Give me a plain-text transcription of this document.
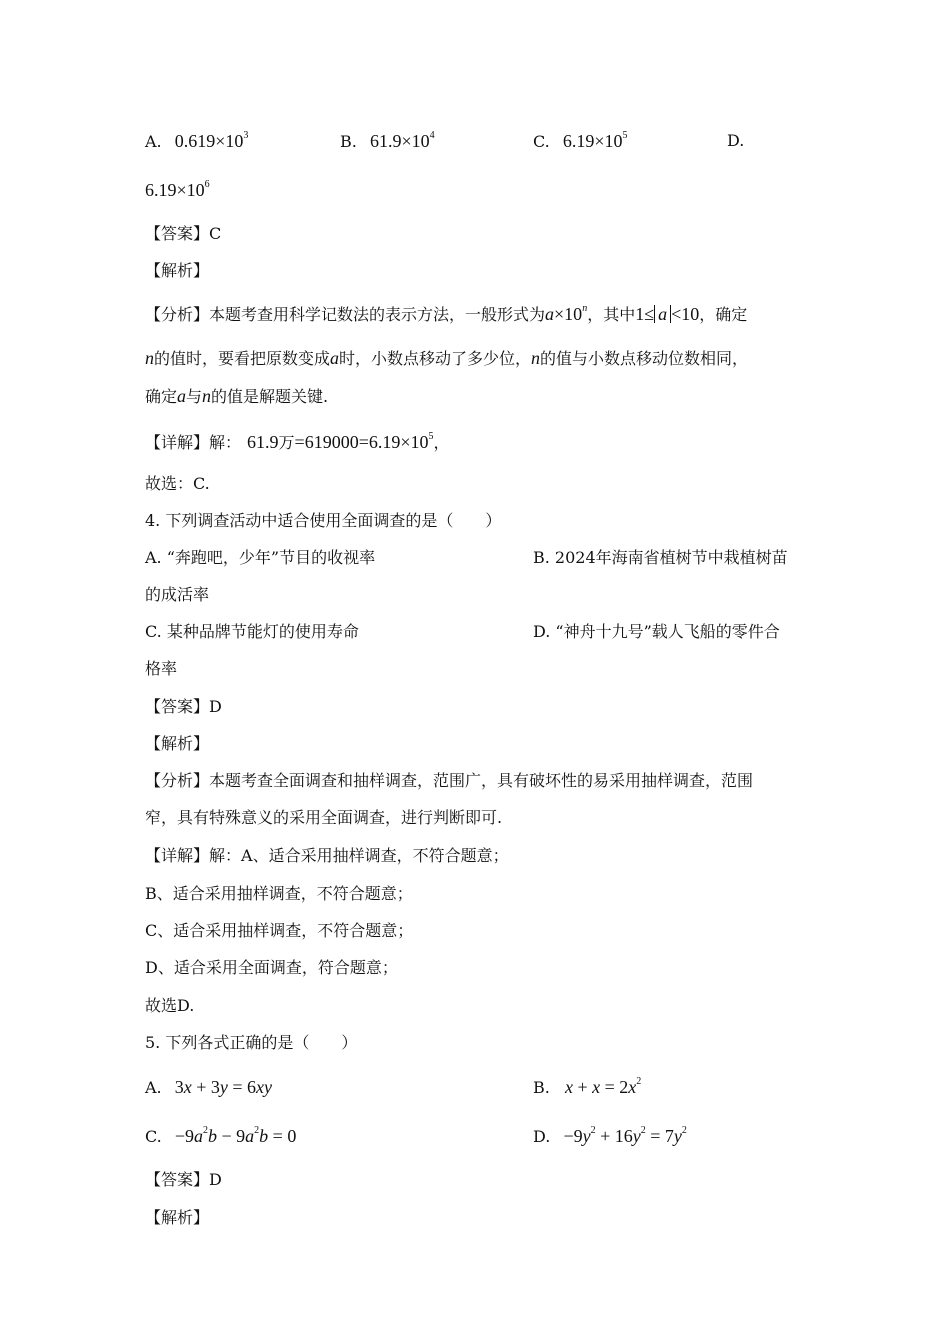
A. $0.619\times 10^3$	B. $61.9\times 10^4$	C. $6.19\times 10^5$	D.
$6.19\times 10^6$
【答案】C
【解析】
【分析】本题考查用科学记数法的表示方法，一般形式为$a\times 10^n$，其中1≤ a <10，确定
n的值时，要看把原数变成a时，小数点移动了多少位，n的值与小数点移动位数相同，
确定a与n的值是解题关键.
【详解】解： 61.9万$=619000=6.19\times 10^5$，
故选：C.
4. 下列调查活动中适合使用全面调查的是（　　）
A. “奔跑吧，少年”节目的收视率	B. 2024年海南省植树节中栽植树苗
的成活率
C. 某种品牌节能灯的使用寿命	D. “神舟十九号”载人飞船的零件合
格率
【答案】D
【解析】
【分析】本题考查全面调查和抽样调查，范围广，具有破坏性的易采用抽样调查，范围
窄，具有特殊意义的采用全面调查，进行判断即可.
【详解】解：A、适合采用抽样调查，不符合题意；
B、适合采用抽样调查，不符合题意；
C、适合采用抽样调查，不符合题意；
D、适合采用全面调查，符合题意；
故选D.
5. 下列各式正确的是（　　）
A. 3x + 3y = 6xy	B. $x + x = 2x^2$
C. $-9a^2b - 9a^2b = 0$	D. $-9y^2 + 16y^2 = 7y^2$
【答案】D
【解析】
